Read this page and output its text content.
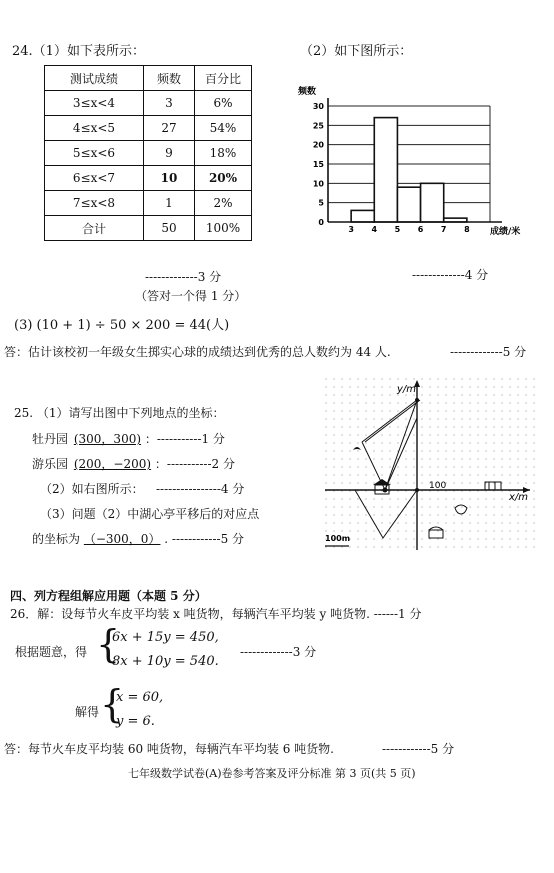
24.（1）如下表所示：	（2）如下图所示：
测试成绩	频数	百分比
3≤x<4	3	6%
4≤x<5	27	54%
5≤x<6	9	18%
6≤x<7	10	20%
7≤x<8	1	2%
合计	50	100%
频数
成绩/米
30
25
20
15
10
5
0
3 4 5 6 7 8
-------------3 分
（答对一个得 1 分）
-------------4 分
(3) (10 + 1) ÷ 50 × 200 = 44(人)
答：估计该校初一年级女生掷实心球的成绩达到优秀的总人数约为 44 人.	-------------5 分
25. （1）请写出图中下列地点的坐标：
牡丹园 (300，300) ：-----------1 分
游乐园 (200，−200) ：-----------2 分
（2）如右图所示： ----------------4 分
（3）问题（2）中湖心亭平移后的对应点
的坐标为 （−300，0） . ------------5 分
y/m
x/m
100
100m
四、列方程组解应用题（本题 5 分）
26．解：设每节火车皮平均装 x 吨货物，每辆汽车平均装 y 吨货物. ------1 分
根据题意，得 {
6x + 15y = 450,
8x + 10y = 540.
-------------3 分
解得 {
x = 60,
y = 6.
答：每节火车皮平均装 60 吨货物，每辆汽车平均装 6 吨货物.	------------5 分
七年级数学试卷(A)卷参考答案及评分标准 第 3 页(共 5 页)
